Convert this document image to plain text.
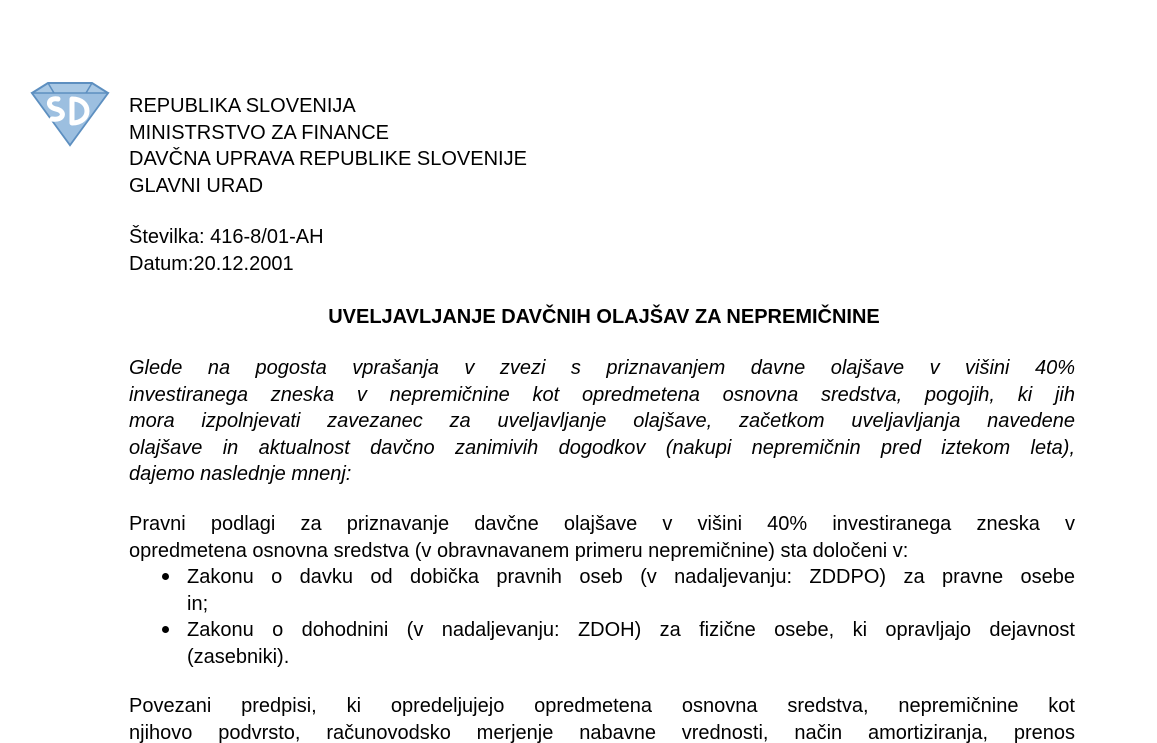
REPUBLIKA SLOVENIJA
MINISTRSTVO ZA FINANCE
DAVČNA UPRAVA REPUBLIKE SLOVENIJE
GLAVNI URAD
Številka: 416-8/01-AH
Datum:20.12.2001
UVELJAVLJANJE DAVČNIH OLAJŠAV ZA NEPREMIČNINE
Glede na pogosta vprašanja v zvezi s priznavanjem davne olajšave v višini 40%
investiranega zneska v nepremičnine kot opredmetena osnovna sredstva, pogojih, ki jih
mora izpolnjevati zavezanec za uveljavljanje olajšave, začetkom uveljavljanja navedene
olajšave in aktualnost davčno zanimivih dogodkov (nakupi nepremičnin pred iztekom leta),
dajemo naslednje mnenj:
Pravni podlagi za priznavanje davčne olajšave v višini 40% investiranega zneska v
opredmetena osnovna sredstva (v obravnavanem primeru nepremičnine) sta določeni v:
Zakonu o davku od dobička pravnih oseb (v nadaljevanju: ZDDPO) za pravne osebe
in;
Zakonu o dohodnini (v nadaljevanju: ZDOH) za fizične osebe, ki opravljajo dejavnost
(zasebniki).
Povezani predpisi, ki opredeljujejo opredmetena osnovna sredstva, nepremičnine kot
njihovo podvrsto, računovodsko merjenje nabavne vrednosti, način amortiziranja, prenos
